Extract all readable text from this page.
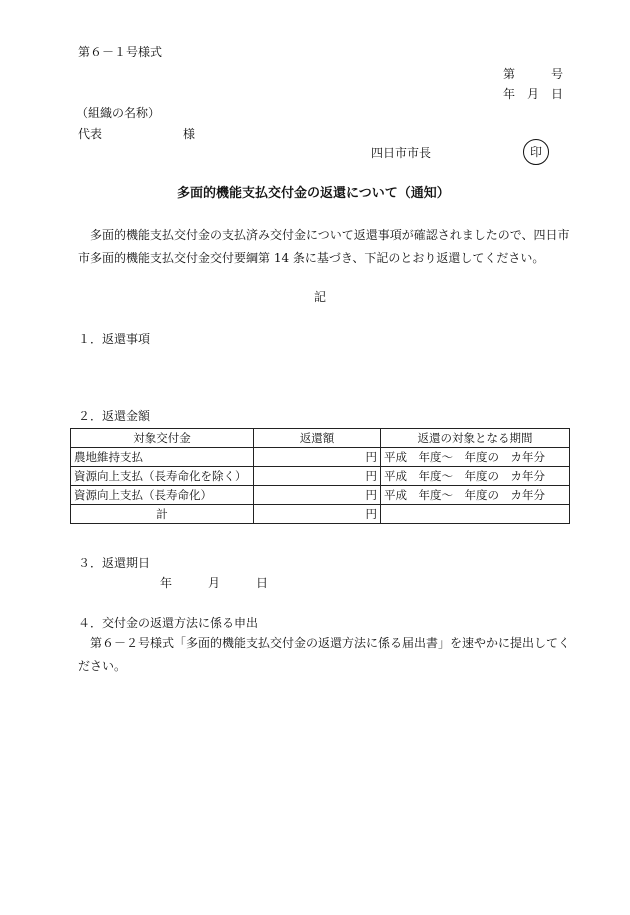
第６－１号様式
第　　　号
年　月　日
（組織の名称）
代表	様
四日市市長	印
多面的機能支払交付金の返還について（通知）
　多面的機能支払交付金の支払済み交付金について返還事項が確認されましたので、四日市
市多面的機能支払交付金交付要綱第 14 条に基づき、下記のとおり返還してください。
記
１．返還事項
２．返還金額
対象交付金	返還額	返還の対象となる期間
農地維持支払	円	平成　年度～　年度の　カ年分
資源向上支払（長寿命化を除く）	円	平成　年度～　年度の　カ年分
資源向上支払（長寿命化）	円	平成　年度～　年度の　カ年分
計	円	
３．返還期日
年　　　月　　　日
４．交付金の返還方法に係る申出
　第６－２号様式「多面的機能支払交付金の返還方法に係る届出書」を速やかに提出してく
ださい。
